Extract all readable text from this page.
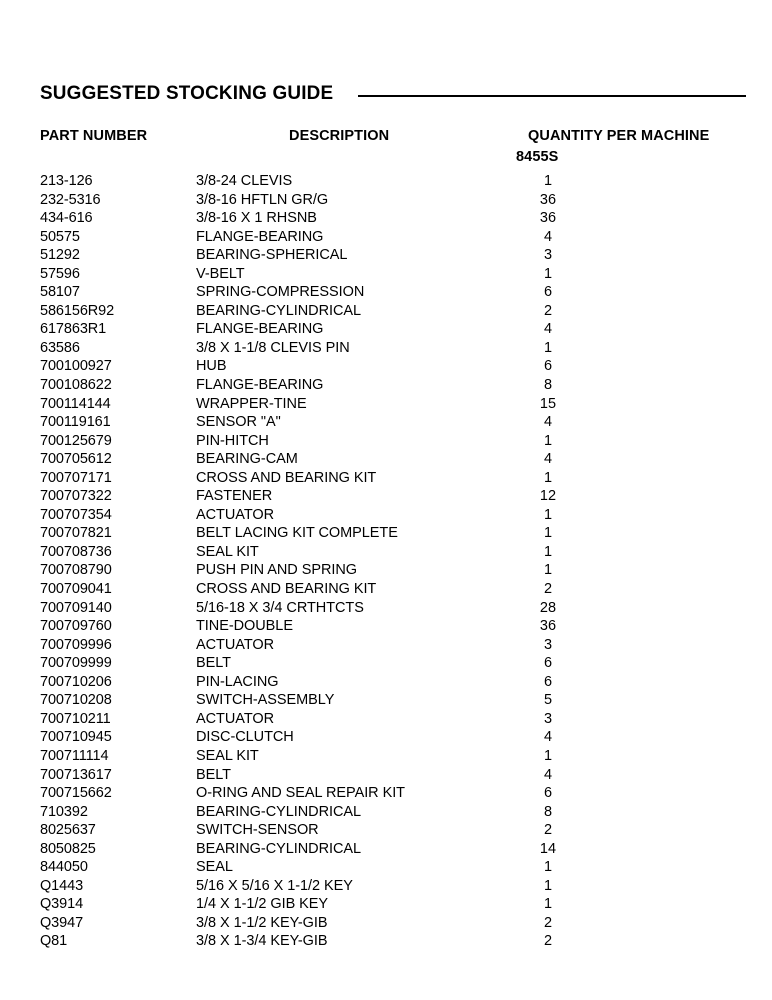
SUGGESTED STOCKING GUIDE
PART NUMBER	DESCRIPTION	QUANTITY PER MACHINE
8455S
213-126	3/8-24 CLEVIS	1
232-5316	3/8-16 HFTLN GR/G	36
434-616	3/8-16 X 1 RHSNB	36
50575	FLANGE-BEARING	4
51292	BEARING-SPHERICAL	3
57596	V-BELT	1
58107	SPRING-COMPRESSION	6
586156R92	BEARING-CYLINDRICAL	2
617863R1	FLANGE-BEARING	4
63586	3/8 X 1-1/8 CLEVIS PIN	1
700100927	HUB	6
700108622	FLANGE-BEARING	8
700114144	WRAPPER-TINE	15
700119161	SENSOR "A"	4
700125679	PIN-HITCH	1
700705612	BEARING-CAM	4
700707171	CROSS AND BEARING KIT	1
700707322	FASTENER	12
700707354	ACTUATOR	1
700707821	BELT LACING KIT COMPLETE	1
700708736	SEAL KIT	1
700708790	PUSH PIN AND SPRING	1
700709041	CROSS AND BEARING KIT	2
700709140	5/16-18 X 3/4 CRTHTCTS	28
700709760	TINE-DOUBLE	36
700709996	ACTUATOR	3
700709999	BELT	6
700710206	PIN-LACING	6
700710208	SWITCH-ASSEMBLY	5
700710211	ACTUATOR	3
700710945	DISC-CLUTCH	4
700711114	SEAL KIT	1
700713617	BELT	4
700715662	O-RING AND SEAL REPAIR KIT	6
710392	BEARING-CYLINDRICAL	8
8025637	SWITCH-SENSOR	2
8050825	BEARING-CYLINDRICAL	14
844050	SEAL	1
Q1443	5/16 X 5/16 X 1-1/2 KEY	1
Q3914	1/4 X 1-1/2 GIB KEY	1
Q3947	3/8 X 1-1/2 KEY-GIB	2
Q81	3/8 X 1-3/4 KEY-GIB	2
